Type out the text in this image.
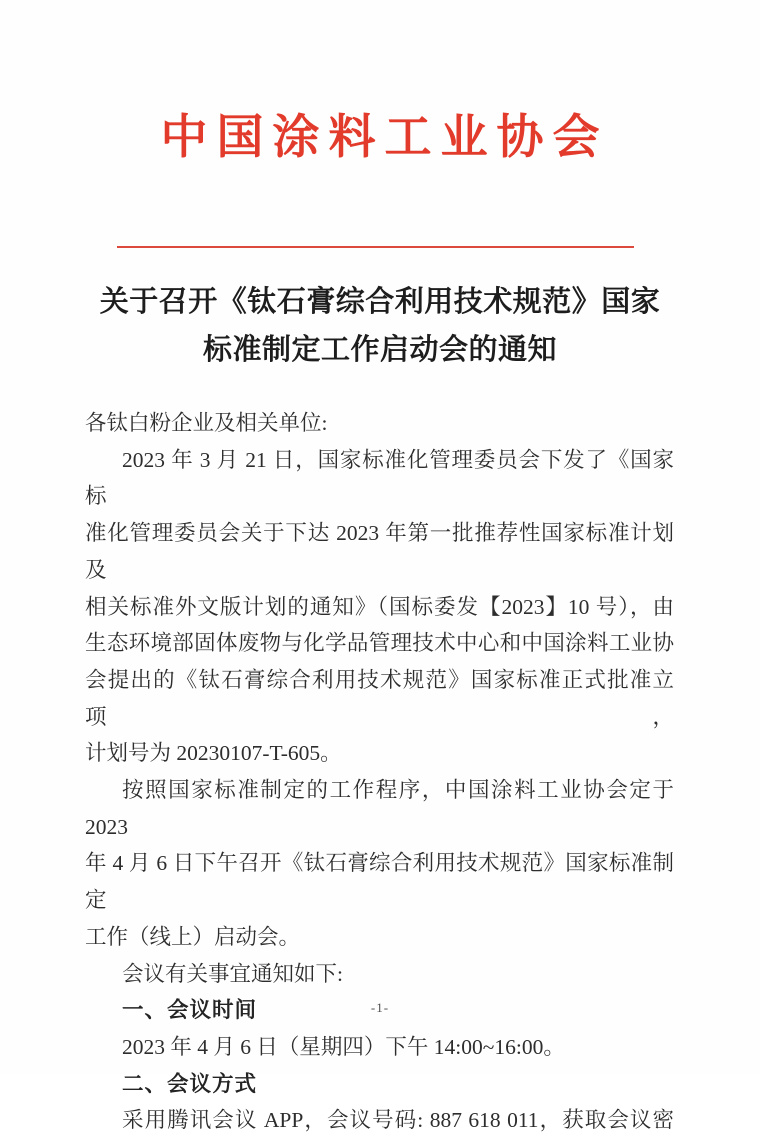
中国涂料工业协会
关于召开《钛石膏综合利用技术规范》国家
标准制定工作启动会的通知
各钛白粉企业及相关单位:
2023 年 3 月 21 日，国家标准化管理委员会下发了《国家标
准化管理委员会关于下达 2023 年第一批推荐性国家标准计划及
相关标准外文版计划的通知》（国标委发【2023】10 号），由
生态环境部固体废物与化学品管理技术中心和中国涂料工业协
会提出的《钛石膏综合利用技术规范》国家标准正式批准立项，
计划号为 20230107-T-605。
按照国家标准制定的工作程序，中国涂料工业协会定于2023
年 4 月 6 日下午召开《钛石膏综合利用技术规范》国家标准制定
工作（线上）启动会。
会议有关事宜通知如下:
一、会议时间
2023 年 4 月 6 日（星期四）下午 14:00~16:00。
二、会议方式
采用腾讯会议 APP，会议号码: 887 618 011，获取会议密
-1-
